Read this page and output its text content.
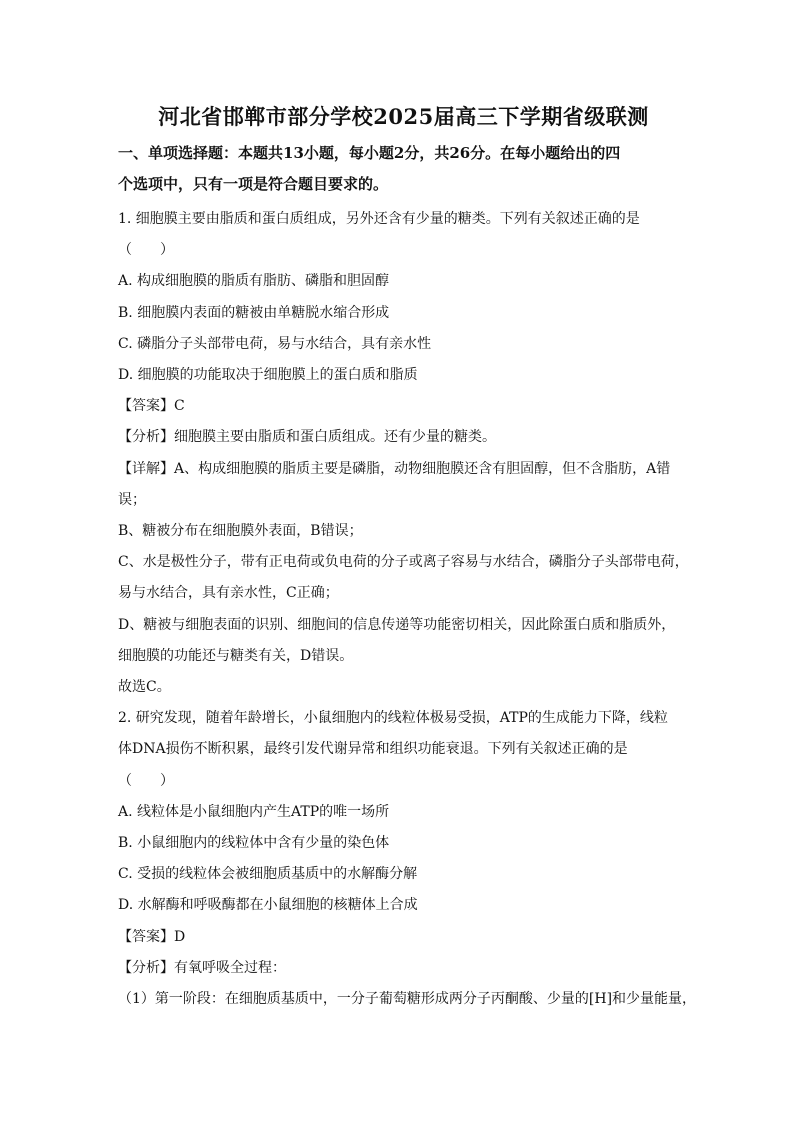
河北省邯郸市部分学校2025届高三下学期省级联测
一、单项选择题：本题共13小题，每小题2分，共26分。在每小题给出的四
个选项中，只有一项是符合题目要求的。

1. 细胞膜主要由脂质和蛋白质组成，另外还含有少量的糖类。下列有关叙述正确的是

（　　）

A. 构成细胞膜的脂质有脂肪、磷脂和胆固醇

B. 细胞膜内表面的糖被由单糖脱水缩合形成

C. 磷脂分子头部带电荷，易与水结合，具有亲水性

D. 细胞膜的功能取决于细胞膜上的蛋白质和脂质

【答案】C

【分析】细胞膜主要由脂质和蛋白质组成。还有少量的糖类。

【详解】A、构成细胞膜的脂质主要是磷脂，动物细胞膜还含有胆固醇，但不含脂肪，A错

误；

B、糖被分布在细胞膜外表面，B错误；

C、水是极性分子，带有正电荷或负电荷的分子或离子容易与水结合，磷脂分子头部带电荷，

易与水结合，具有亲水性，C正确；

D、糖被与细胞表面的识别、细胞间的信息传递等功能密切相关，因此除蛋白质和脂质外，

细胞膜的功能还与糖类有关，D错误。

故选C。

2. 研究发现，随着年龄增长，小鼠细胞内的线粒体极易受损，ATP的生成能力下降，线粒

体DNA损伤不断积累，最终引发代谢异常和组织功能衰退。下列有关叙述正确的是

（　　）

A. 线粒体是小鼠细胞内产生ATP的唯一场所

B. 小鼠细胞内的线粒体中含有少量的染色体

C. 受损的线粒体会被细胞质基质中的水解酶分解

D. 水解酶和呼吸酶都在小鼠细胞的核糖体上合成

【答案】D

【分析】有氧呼吸全过程：

（1）第一阶段：在细胞质基质中，一分子葡萄糖形成两分子丙酮酸、少量的[H]和少量能量，
